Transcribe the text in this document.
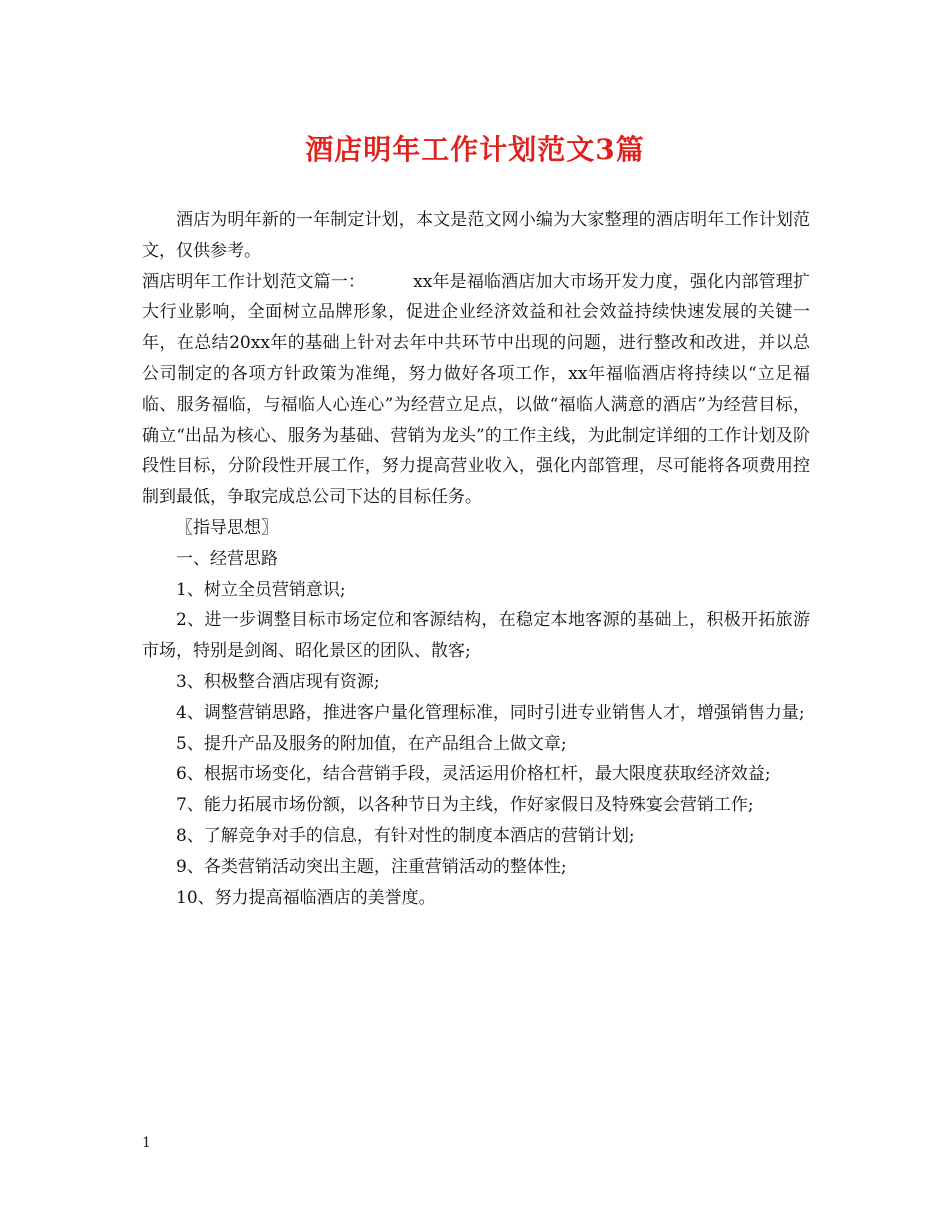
酒店明年工作计划范文3篇

酒店为明年新的一年制定计划，本文是范文网小编为大家整理的酒店明年工作计划范文，仅供参考。

酒店明年工作计划范文篇一：	xx年是福临酒店加大市场开发力度，强化内部管理扩大行业影响，全面树立品牌形象，促进企业经济效益和社会效益持续快速发展的关键一年，在总结20xx年的基础上针对去年中共环节中出现的问题，进行整改和改进，并以总公司制定的各项方针政策为准绳，努力做好各项工作，xx年福临酒店将持续以“立足福临、服务福临，与福临人心连心”为经营立足点，以做“福临人满意的酒店”为经营目标，确立“出品为核心、服务为基础、营销为龙头”的工作主线，为此制定详细的工作计划及阶段性目标，分阶段性开展工作，努力提高营业收入，强化内部管理，尽可能将各项费用控制到最低，争取完成总公司下达的目标任务。

〖指导思想〗

一、经营思路

1、树立全员营销意识;

2、进一步调整目标市场定位和客源结构，在稳定本地客源的基础上，积极开拓旅游市场，特别是剑阁、昭化景区的团队、散客;

3、积极整合酒店现有资源;

4、调整营销思路，推进客户量化管理标准，同时引进专业销售人才，增强销售力量;

5、提升产品及服务的附加值，在产品组合上做文章;

6、根据市场变化，结合营销手段，灵活运用价格杠杆，最大限度获取经济效益;

7、能力拓展市场份额，以各种节日为主线，作好家假日及特殊宴会营销工作;

8、了解竞争对手的信息，有针对性的制度本酒店的营销计划;

9、各类营销活动突出主题，注重营销活动的整体性;

10、努力提高福临酒店的美誉度。

1
